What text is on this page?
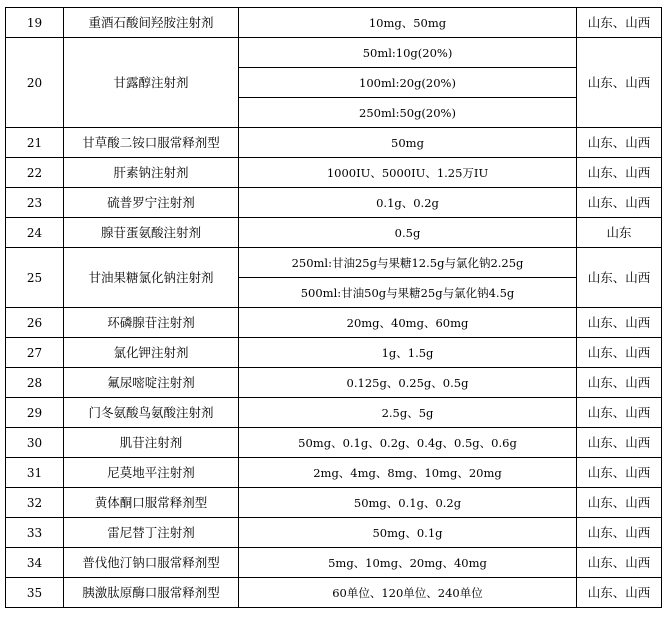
19	重酒石酸间羟胺注射剂	10mg、50mg	山东、山西
20	甘露醇注射剂	50ml:10g(20%)	山东、山西
		100ml:20g(20%)	
		250ml:50g(20%)	
21	甘草酸二铵口服常释剂型	50mg	山东、山西
22	肝素钠注射剂	1000IU、5000IU、1.25万IU	山东、山西
23	硫普罗宁注射剂	0.1g、0.2g	山东、山西
24	腺苷蛋氨酸注射剂	0.5g	山东
25	甘油果糖氯化钠注射剂	250ml:甘油25g与果糖12.5g与氯化钠2.25g	山东、山西
		500ml:甘油50g与果糖25g与氯化钠4.5g	
26	环磷腺苷注射剂	20mg、40mg、60mg	山东、山西
27	氯化钾注射剂	1g、1.5g	山东、山西
28	氟尿嘧啶注射剂	0.125g、0.25g、0.5g	山东、山西
29	门冬氨酸鸟氨酸注射剂	2.5g、5g	山东、山西
30	肌苷注射剂	50mg、0.1g、0.2g、0.4g、0.5g、0.6g	山东、山西
31	尼莫地平注射剂	2mg、4mg、8mg、10mg、20mg	山东、山西
32	黄体酮口服常释剂型	50mg、0.1g、0.2g	山东、山西
33	雷尼替丁注射剂	50mg、0.1g	山东、山西
34	普伐他汀钠口服常释剂型	5mg、10mg、20mg、40mg	山东、山西
35	胰激肽原酶口服常释剂型	60单位、120单位、240单位	山东、山西
